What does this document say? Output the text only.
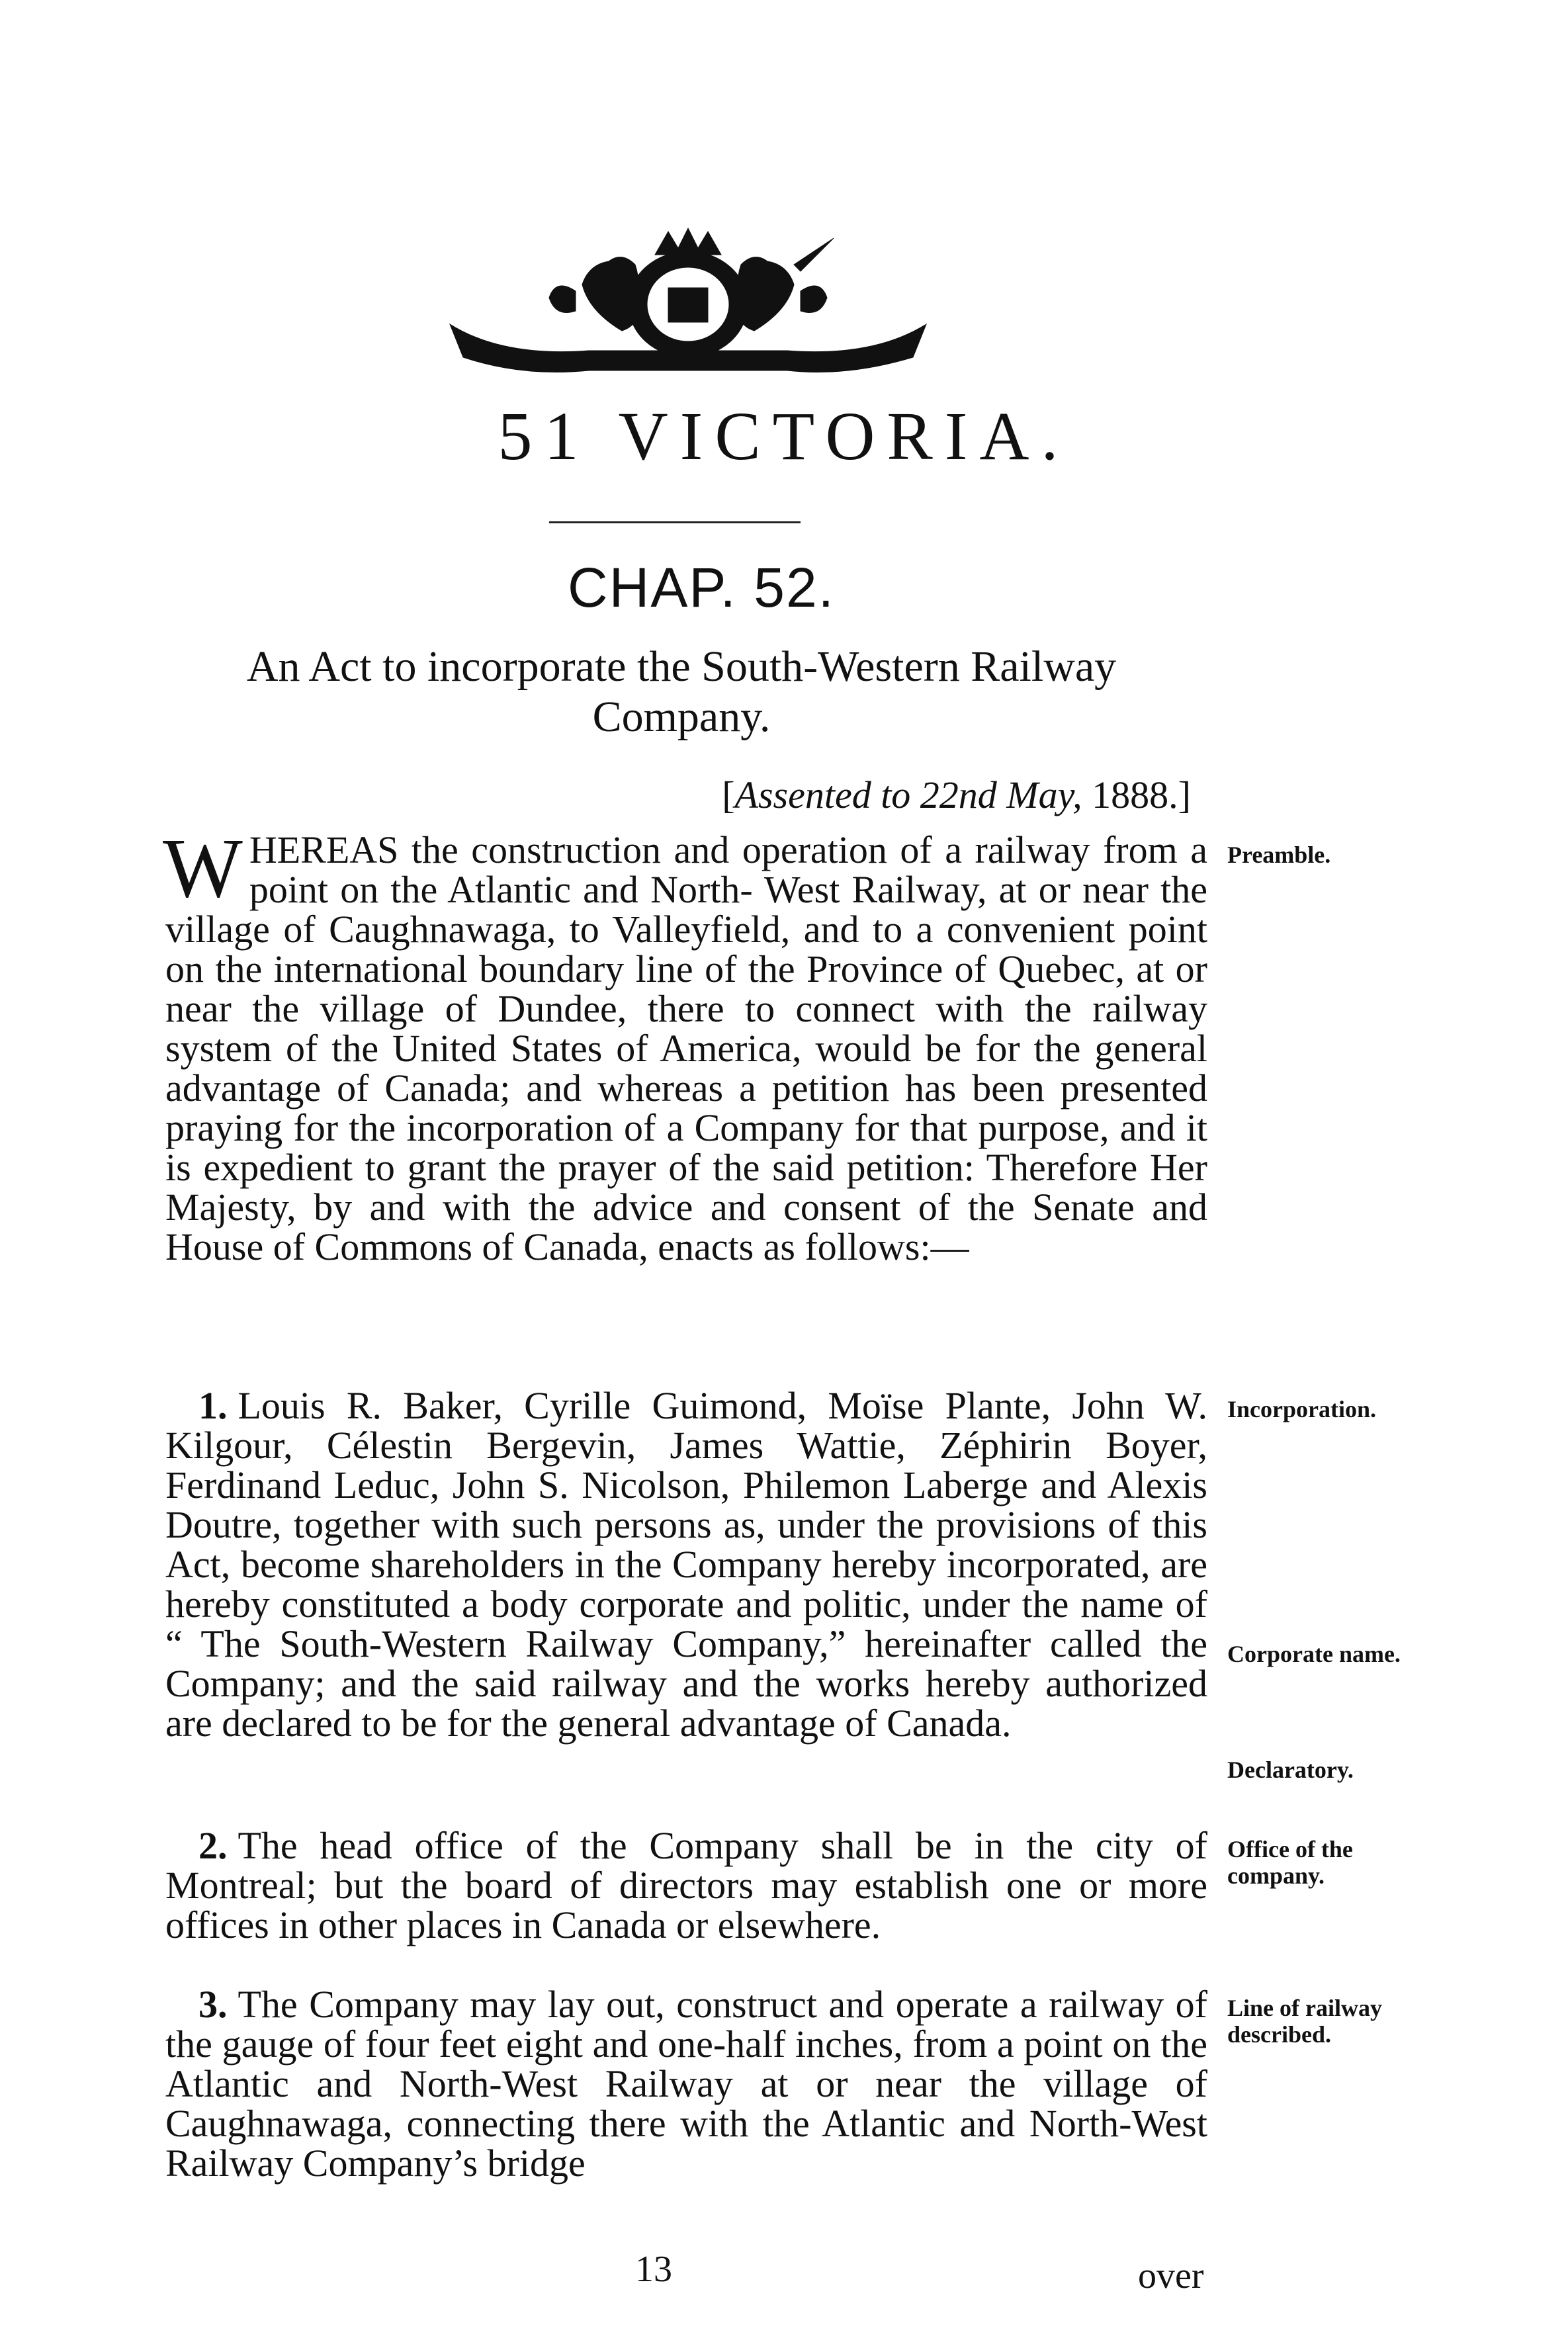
51 VICTORIA.
CHAP. 52.
An Act to incorporate the South-Western Railway Company.
[Assented to 22nd May, 1888.]
WHEREAS the construction and operation of a railway from a point on the Atlantic and North- West Railway, at or near the village of Caughnawaga, to Valleyfield, and to a convenient point on the international boundary line of the Province of Quebec, at or near the village of Dundee, there to connect with the railway system of the United States of America, would be for the general advantage of Canada; and whereas a petition has been presented praying for the incorporation of a Company for that purpose, and it is expedient to grant the prayer of the said petition: Therefore Her Majesty, by and with the advice and consent of the Senate and House of Commons of Canada, enacts as follows:—
Preamble.
1. Louis R. Baker, Cyrille Guimond, Moïse Plante, John W. Kilgour, Célestin Bergevin, James Wattie, Zéphirin Boyer, Ferdinand Leduc, John S. Nicolson, Philemon Laberge and Alexis Doutre, together with such persons as, under the provisions of this Act, become shareholders in the Company hereby incorporated, are hereby constituted a body corporate and politic, under the name of “ The South-Western Railway Company,” hereinafter called the Company; and the said railway and the works hereby authorized are declared to be for the general advantage of Canada.
Incorporation.
Corporate name.
Declaratory.
2. The head office of the Company shall be in the city of Montreal; but the board of directors may establish one or more offices in other places in Canada or elsewhere.
Office of the company.
3. The Company may lay out, construct and operate a railway of the gauge of four feet eight and one-half inches, from a point on the Atlantic and North-West Railway at or near the village of Caughnawaga, connecting there with the Atlantic and North-West Railway Company’s bridge
Line of railway described.
13	over
